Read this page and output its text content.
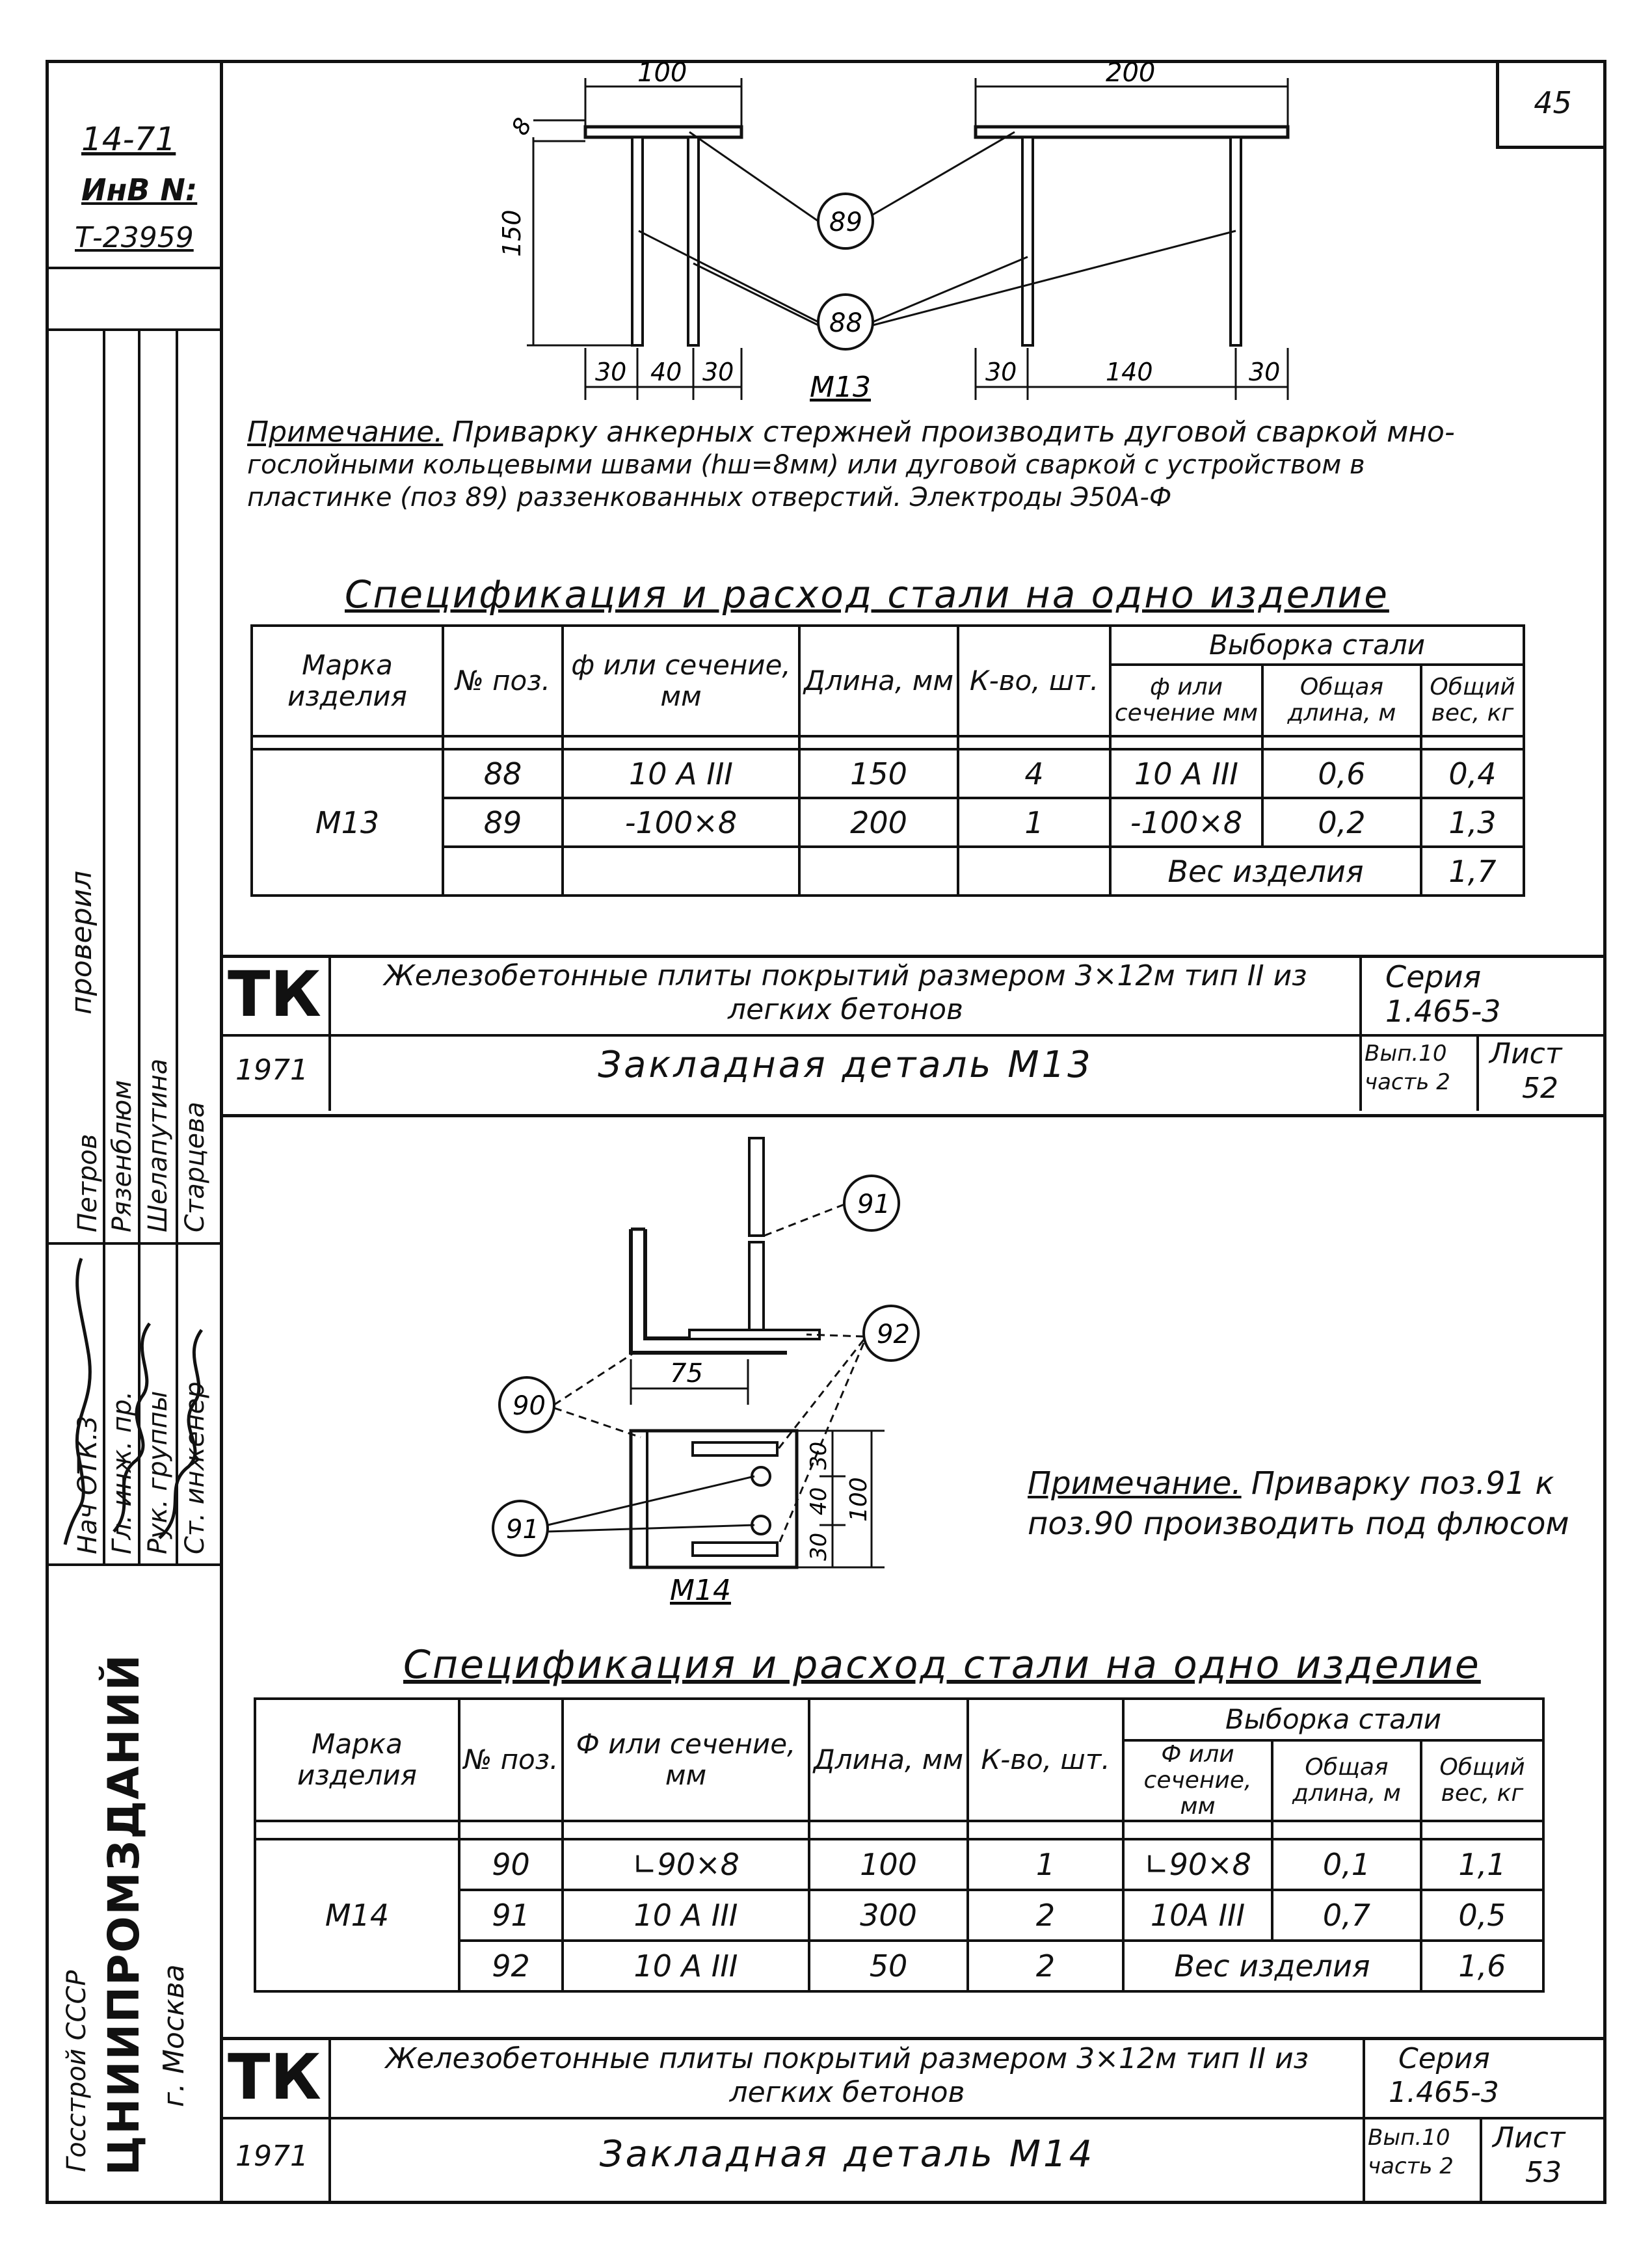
45
14-71
ИнВ N:
Т-23959
проверил
Нач ОТК.3 Гл. инж. пр. Рук. группы Ст. инженер
Петров Рязенблюм Шелапутина Старцева
Госстрой СССР ЦНИИПРОМЗДАНИЙ г. Москва
100	200
8
150
30 40 30	30	140	30
89
88
М13
Примечание. Приварку анкерных стержней производить дуговой сваркой мно-
гослойными кольцевыми швами (hш=8мм) или дуговой сваркой с устройством в
пластинке (поз 89) раззенкованных отверстий. Электроды Э50А-Ф
Спецификация и расход стали на одно изделие
Марка изделия	№ поз.	ф или сечение, мм	Длина, мм	К-во, шт.	Выборка стали		
					ф или сечение мм	Общая длина, м	Общий вес, кг

М13	88	10 А III	150	4	10 А III	0,6	0,4
	89	-100×8	200	1	-100×8	0,2	1,3
					Вес изделия		1,7
ТК
1971
Железобетонные плиты покрытий размером 3×12м тип II из легких бетонов
Закладная деталь М13
Серия
1.465-3
Вып.10 часть 2
Лист
52
91
92
90
91
75
30
40
30
100
М14
Примечание. Приварку поз.91 к
поз.90 производить под флюсом
Спецификация и расход стали на одно изделие
Марка изделия	№ поз.	Ф или сечение, мм	Длина, мм	К-во, шт.	Выборка стали		
					Ф или сечение, мм	Общая длина, м	Общий вес, кг

М14	90	∟90×8	100	1	∟90×8	0,1	1,1
	91	10 А III	300	2	10А III	0,7	0,5
	92	10 А III	50	2	Вес изделия		1,6
ТК
1971
Железобетонные плиты покрытий размером 3×12м тип II из легких бетонов
Закладная деталь М14
Серия
1.465-3
Вып.10 часть 2
Лист
53
